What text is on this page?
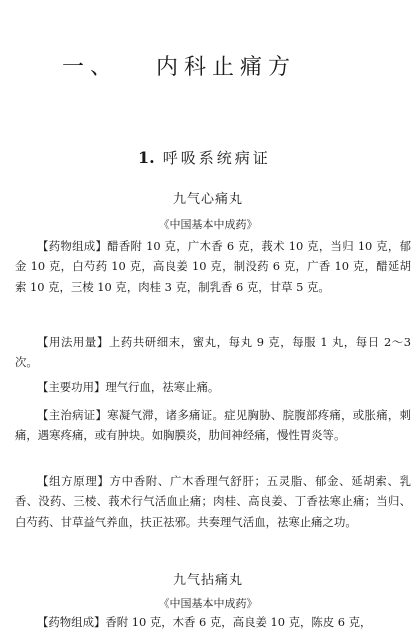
一、 内科止痛方
1. 呼吸系统病证
九气心痛丸
《中国基本中成药》

【药物组成】醋香附 10 克，广木香 6 克，莪术 10 克，当归 10 克，郁金 10 克，白芍药 10 克，高良姜 10 克，制没药 6 克，广香 10 克，醋延胡索 10 克，三棱 10 克，肉桂 3 克，制乳香 6 克，甘草 5 克。

【用法用量】上药共研细末，蜜丸，每丸 9 克，每服 1 丸，每日 2～3 次。

【主要功用】理气行血，祛寒止痛。

【主治病证】寒凝气滞，诸多痛证。症见胸胁、脘腹部疼痛，或胀痛，刺痛，遇寒疼痛，或有肿块。如胸膜炎，肋间神经痛，慢性胃炎等。

【组方原理】方中香附、广木香理气舒肝；五灵脂、郁金、延胡索、乳香、没药、三棱、莪术行气活血止痛；肉桂、高良姜、丁香祛寒止痛；当归、白芍药、甘草益气养血，扶正祛邪。共奏理气活血，祛寒止痛之功。

九气拈痛丸
《中国基本中成药》

【药物组成】香附 10 克，木香 6 克，高良姜 10 克，陈皮 6 克，
